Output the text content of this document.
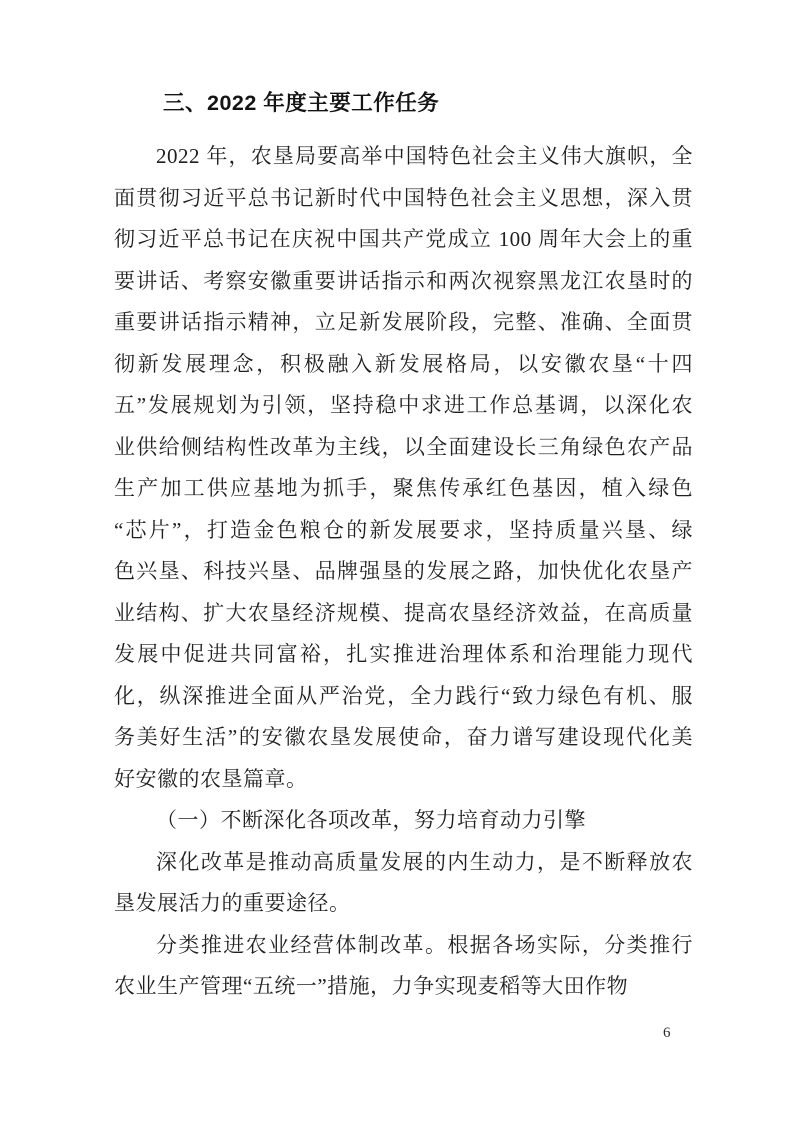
三、2022 年度主要工作任务
2022 年，农垦局要高举中国特色社会主义伟大旗帜，全
面贯彻习近平总书记新时代中国特色社会主义思想，深入贯
彻习近平总书记在庆祝中国共产党成立 100 周年大会上的重
要讲话、考察安徽重要讲话指示和两次视察黑龙江农垦时的
重要讲话指示精神，立足新发展阶段，完整、准确、全面贯
彻新发展理念，积极融入新发展格局，以安徽农垦“十四
五”发展规划为引领，坚持稳中求进工作总基调，以深化农
业供给侧结构性改革为主线，以全面建设长三角绿色农产品
生产加工供应基地为抓手，聚焦传承红色基因，植入绿色
“芯片”，打造金色粮仓的新发展要求，坚持质量兴垦、绿
色兴垦、科技兴垦、品牌强垦的发展之路，加快优化农垦产
业结构、扩大农垦经济规模、提高农垦经济效益，在高质量
发展中促进共同富裕，扎实推进治理体系和治理能力现代
化，纵深推进全面从严治党，全力践行“致力绿色有机、服
务美好生活”的安徽农垦发展使命，奋力谱写建设现代化美
好安徽的农垦篇章。
（一）不断深化各项改革，努力培育动力引擎
深化改革是推动高质量发展的内生动力，是不断释放农
垦发展活力的重要途径。
分类推进农业经营体制改革。根据各场实际，分类推行
农业生产管理“五统一”措施，力争实现麦稻等大田作物
6
